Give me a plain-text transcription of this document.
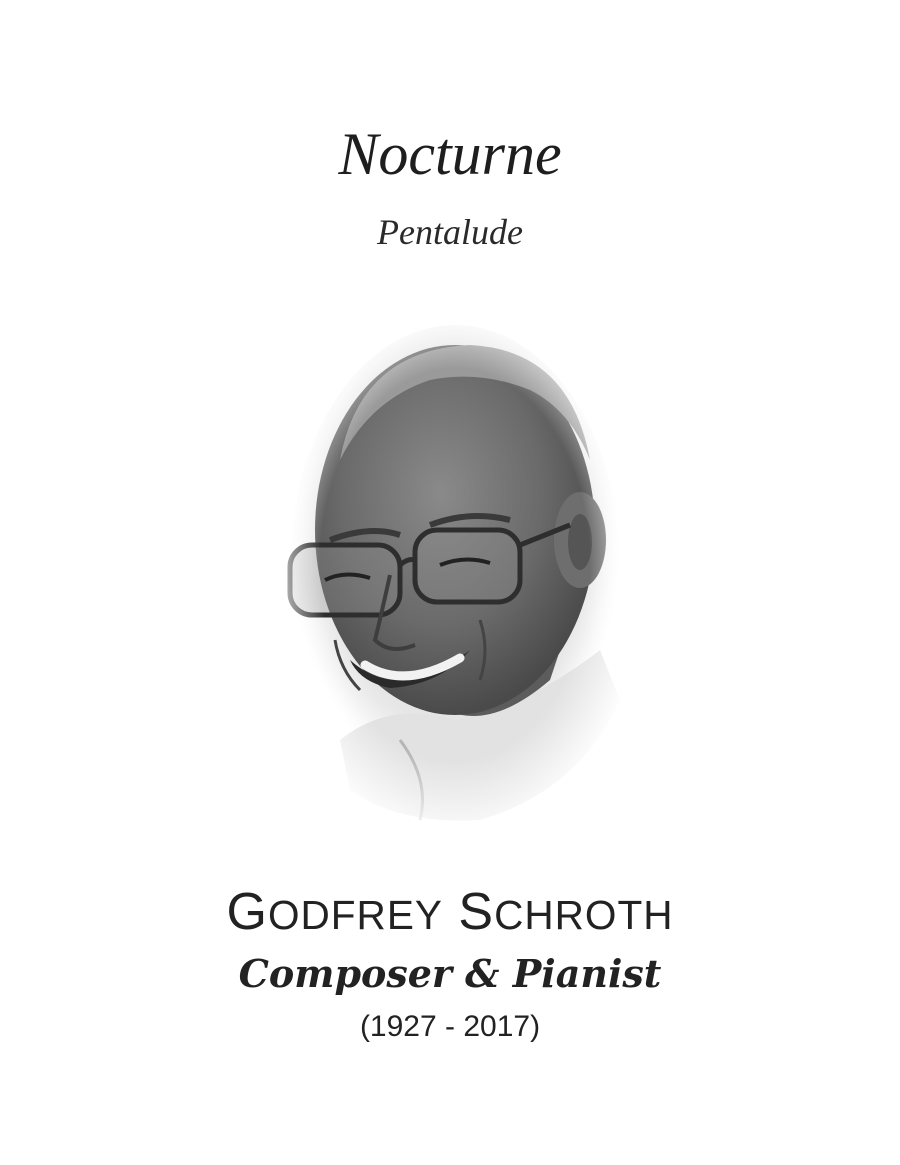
Nocturne
Pentalude
GODFREY SCHROTH
Composer & Pianist
(1927 - 2017)
